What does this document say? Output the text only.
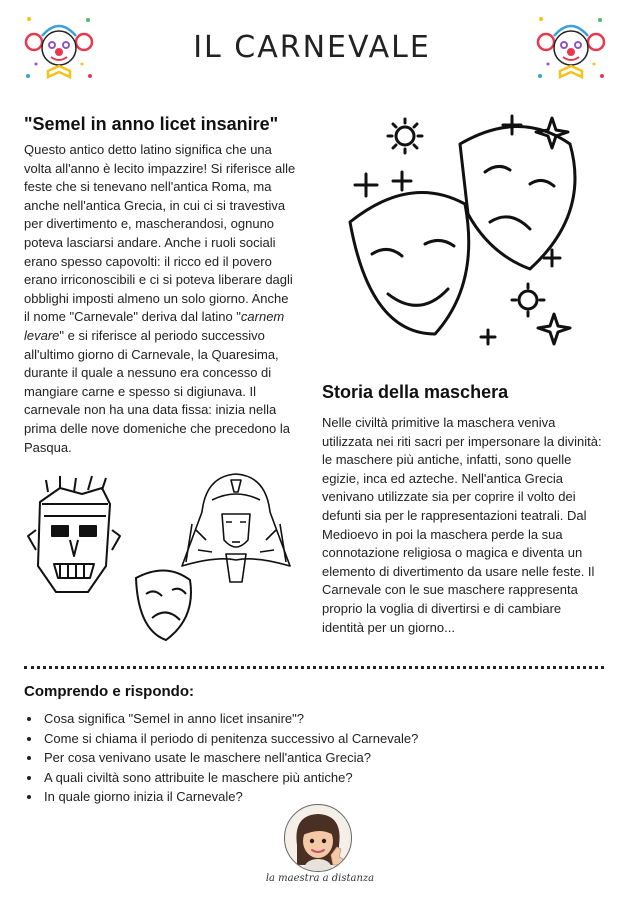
IL CARNEVALE
"Semel in anno licet insanire"

Questo antico detto latino significa che una volta all'anno è lecito impazzire! Si riferisce alle feste che si tenevano nell'antica Roma, ma anche nell'antica Grecia, in cui ci si travestiva per divertimento e, mascherandosi, ognuno poteva lasciarsi andare. Anche i ruoli sociali erano spesso capovolti: il ricco ed il povero erano irriconoscibili e ci si poteva liberare dagli obblighi imposti almeno un solo giorno. Anche il nome "Carnevale" deriva dal latino "carnem levare" e si riferisce al periodo successivo all'ultimo giorno di Carnevale, la Quaresima, durante il quale a nessuno era concesso di mangiare carne e spesso si digiunava. Il carnevale non ha una data fissa: inizia nella prima delle nove domeniche che precedono la Pasqua.

Storia della maschera
Nelle civiltà primitive la maschera veniva utilizzata nei riti sacri per impersonare la divinità: le maschere più antiche, infatti, sono quelle egizie, inca ed azteche. Nell'antica Grecia venivano utilizzate sia per coprire il volto dei defunti sia per le rappresentazioni teatrali. Dal Medioevo in poi la maschera perde la sua connotazione religiosa o magica e diventa un elemento di divertimento da usare nelle feste. Il Carnevale con le sue maschere rappresenta proprio la voglia di divertirsi e di cambiare identità per un giorno...
Comprendo e rispondo:
• Cosa significa "Semel in anno licet insanire"?
• Come si chiama il periodo di penitenza successivo al Carnevale?
• Per cosa venivano usate le maschere nell'antica Grecia?
• A quali civiltà sono attribuite le maschere più antiche?
• In quale giorno inizia il Carnevale?
la maestra a distanza
